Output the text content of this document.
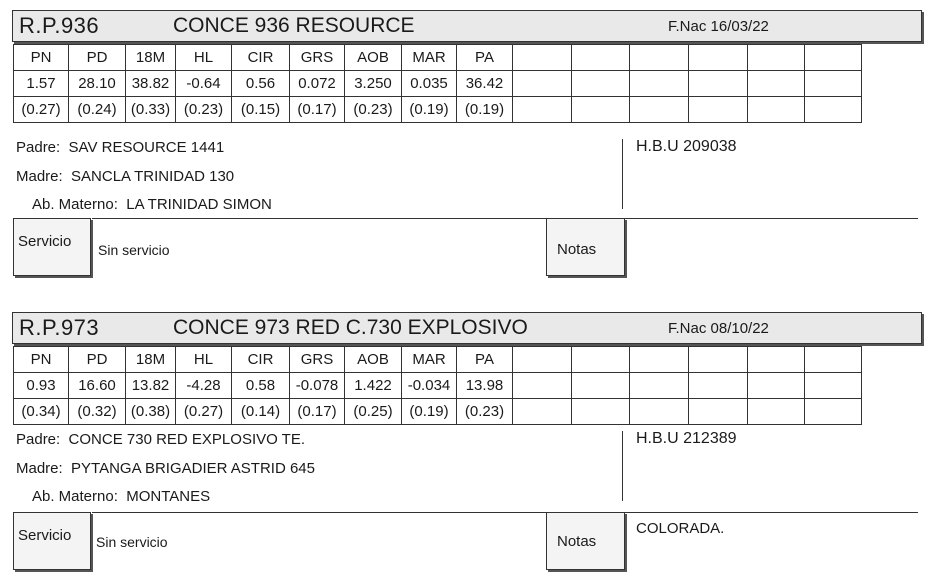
R.P.936	CONCE 936 RESOURCE	F.Nac 16/03/22
PN	PD	18M	HL	CIR	GRS	AOB	MAR	PA						
1.57	28.10	38.82	-0.64	0.56	0.072	3.250	0.035	36.42						
(0.27)	(0.24)	(0.33)	(0.23)	(0.15)	(0.17)	(0.23)	(0.19)	(0.19)						
Padre: SAV RESOURCE 1441
Madre: SANCLA TRINIDAD 130
Ab. Materno: LA TRINIDAD SIMON
H.B.U 209038
Servicio Sin servicio	Notas
R.P.973	CONCE 973 RED C.730 EXPLOSIVO	F.Nac 08/10/22
PN	PD	18M	HL	CIR	GRS	AOB	MAR	PA						
0.93	16.60	13.82	-4.28	0.58	-0.078	1.422	-0.034	13.98						
(0.34)	(0.32)	(0.38)	(0.27)	(0.14)	(0.17)	(0.25)	(0.19)	(0.23)						
Padre: CONCE 730 RED EXPLOSIVO TE.
Madre: PYTANGA BRIGADIER ASTRID 645
Ab. Materno: MONTANES
H.B.U 212389
Servicio Sin servicio	Notas
COLORADA.
